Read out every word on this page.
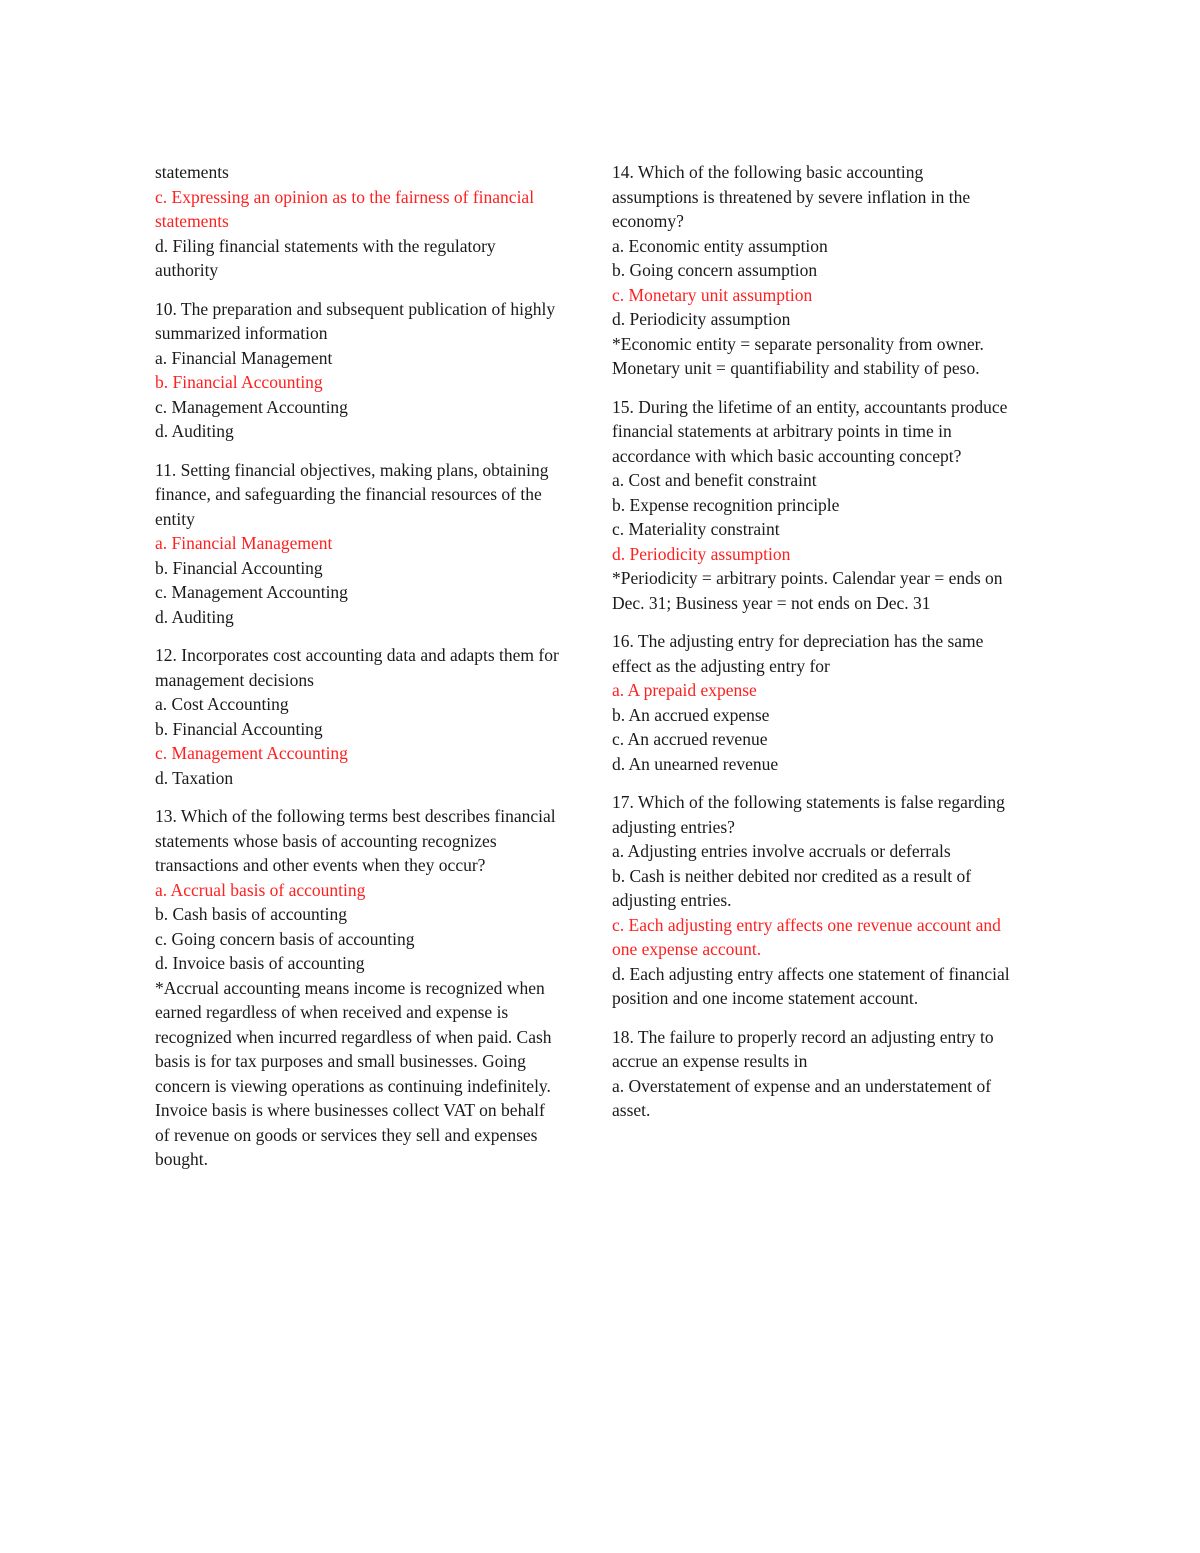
statements

c. Expressing an opinion as to the fairness of financial statements

d. Filing financial statements with the regulatory authority

10. The preparation and subsequent publication of highly summarized information

a. Financial Management

b. Financial Accounting

c. Management Accounting

d. Auditing

11. Setting financial objectives, making plans, obtaining finance, and safeguarding the financial resources of the entity

a. Financial Management

b. Financial Accounting

c. Management Accounting

d. Auditing

12. Incorporates cost accounting data and adapts them for management decisions

a. Cost Accounting

b. Financial Accounting

c. Management Accounting

d. Taxation

13. Which of the following terms best describes financial statements whose basis of accounting recognizes transactions and other events when they occur?

a. Accrual basis of accounting

b. Cash basis of accounting

c. Going concern basis of accounting

d. Invoice basis of accounting

*Accrual accounting means income is recognized when earned regardless of when received and expense is recognized when incurred regardless of when paid. Cash basis is for tax purposes and small businesses. Going concern is viewing operations as continuing indefinitely. Invoice basis is where businesses collect VAT on behalf of revenue on goods or services they sell and expenses bought.

14. Which of the following basic accounting assumptions is threatened by severe inflation in the economy?

a. Economic entity assumption

b. Going concern assumption

c. Monetary unit assumption

d. Periodicity assumption

*Economic entity = separate personality from owner. Monetary unit = quantifiability and stability of peso.

15. During the lifetime of an entity, accountants produce financial statements at arbitrary points in time in accordance with which basic accounting concept?

a. Cost and benefit constraint

b. Expense recognition principle

c. Materiality constraint

d. Periodicity assumption

*Periodicity = arbitrary points. Calendar year = ends on Dec. 31; Business year = not ends on Dec. 31

16. The adjusting entry for depreciation has the same effect as the adjusting entry for

a. A prepaid expense

b. An accrued expense

c. An accrued revenue

d. An unearned revenue

17. Which of the following statements is false regarding adjusting entries?

a. Adjusting entries involve accruals or deferrals

b. Cash is neither debited nor credited as a result of adjusting entries.

c. Each adjusting entry affects one revenue account and one expense account.

d. Each adjusting entry affects one statement of financial position and one income statement account.

18. The failure to properly record an adjusting entry to accrue an expense results in

a. Overstatement of expense and an understatement of asset.
